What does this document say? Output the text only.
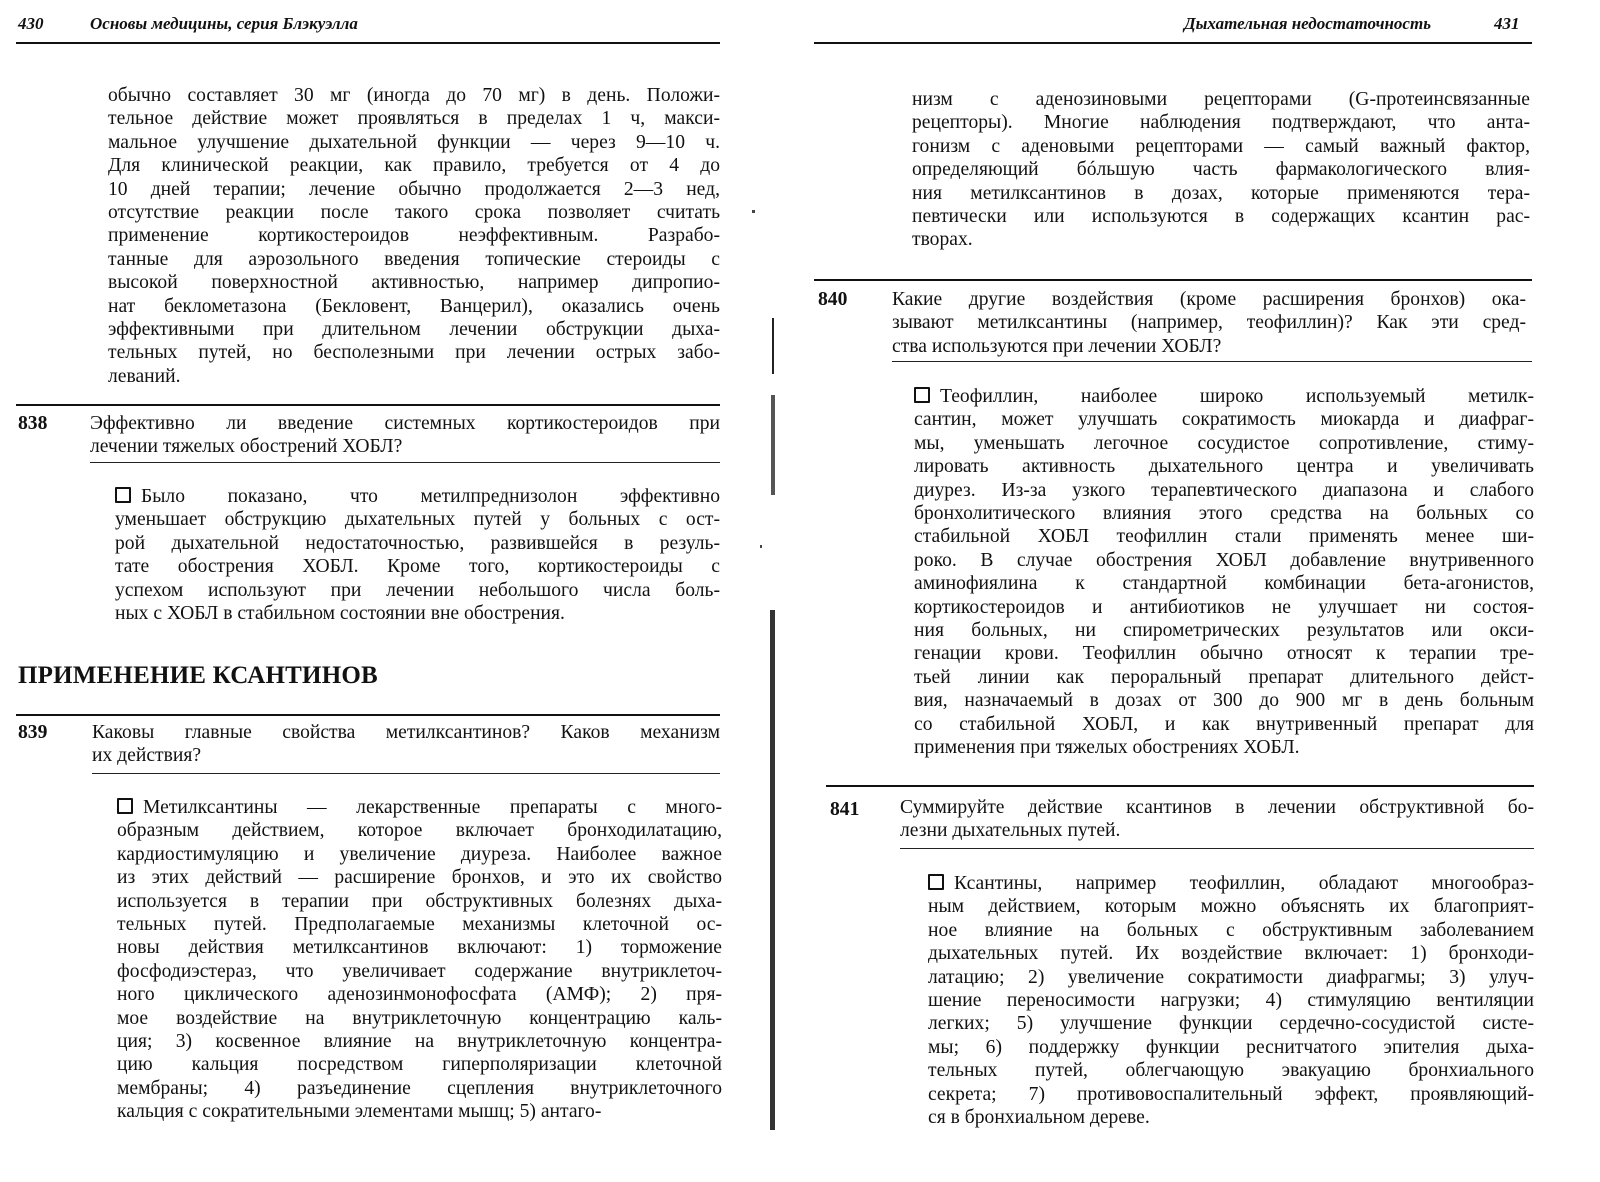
430	Основы медицины, серия Блэкуэлла
обычно составляет 30 мг (иногда до 70 мг) в день. Положи-
тельное действие может проявляться в пределах 1 ч, макси-
мальное улучшение дыхательной функции — через 9—10 ч.
Для клинической реакции, как правило, требуется от 4 до
10 дней терапии; лечение обычно продолжается 2—3 нед,
отсутствие реакции после такого срока позволяет считать
применение кортикостероидов неэффективным. Разрабо-
танные для аэрозольного введения топические стероиды с
высокой поверхностной активностью, например дипропио-
нат беклометазона (Бекловент, Ванцерил), оказались очень
эффективными при длительном лечении обструкции дыха-
тельных путей, но бесполезными при лечении острых забо-
леваний.
838 Эффективно ли введение системных кортикостероидов при
лечении тяжелых обострений ХОБЛ?
Было показано, что метилпреднизолон эффективно
уменьшает обструкцию дыхательных путей у больных с ост-
рой дыхательной недостаточностью, развившейся в резуль-
тате обострения ХОБЛ. Кроме того, кортикостероиды с
успехом используют при лечении небольшого числа боль-
ных с ХОБЛ в стабильном состоянии вне обострения.
ПРИМЕНЕНИЕ КСАНТИНОВ
839 Каковы главные свойства метилксантинов? Каков механизм
их действия?
Метилксантины — лекарственные препараты с много-
образным действием, которое включает бронходилатацию,
кардиостимуляцию и увеличение диуреза. Наиболее важное
из этих действий — расширение бронхов, и это их свойство
используется в терапии при обструктивных болезнях дыха-
тельных путей. Предполагаемые механизмы клеточной ос-
новы действия метилксантинов включают: 1) торможение
фосфодиэстераз, что увеличивает содержание внутриклеточ-
ного циклического аденозинмонофосфата (АМФ); 2) пря-
мое воздействие на внутриклеточную концентрацию каль-
ция; 3) косвенное влияние на внутриклеточную концентра-
цию кальция посредством гиперполяризации клеточной
мембраны; 4) разъединение сцепления внутриклеточного
кальция с сократительными элементами мышц; 5) антаго-
Дыхательная недостаточность	431
низм с аденозиновыми рецепторами (G-протеинсвязанные
рецепторы). Многие наблюдения подтверждают, что анта-
гонизм с аденовыми рецепторами — самый важный фактор,
определяющий бóльшую часть фармакологического влия-
ния метилксантинов в дозах, которые применяются тера-
певтически или используются в содержащих ксантин рас-
творах.
840 Какие другие воздействия (кроме расширения бронхов) ока-
зывают метилксантины (например, теофиллин)? Как эти сред-
ства используются при лечении ХОБЛ?
Теофиллин, наиболее широко используемый метилк-
сантин, может улучшать сократимость миокарда и диафраг-
мы, уменьшать легочное сосудистое сопротивление, стиму-
лировать активность дыхательного центра и увеличивать
диурез. Из-за узкого терапевтического диапазона и слабого
бронхолитического влияния этого средства на больных со
стабильной ХОБЛ теофиллин стали применять менее ши-
роко. В случае обострения ХОБЛ добавление внутривенного
аминофиялина к стандартной комбинации бета-агонистов,
кортикостероидов и антибиотиков не улучшает ни состоя-
ния больных, ни спирометрических результатов или окси-
генации крови. Теофиллин обычно относят к терапии тре-
тьей линии как пероральный препарат длительного дейст-
вия, назначаемый в дозах от 300 до 900 мг в день больным
со стабильной ХОБЛ, и как внутривенный препарат для
применения при тяжелых обострениях ХОБЛ.
841 Суммируйте действие ксантинов в лечении обструктивной бо-
лезни дыхательных путей.
Ксантины, например теофиллин, обладают многообраз-
ным действием, которым можно объяснять их благоприят-
ное влияние на больных с обструктивным заболеванием
дыхательных путей. Их воздействие включает: 1) бронходи-
латацию; 2) увеличение сократимости диафрагмы; 3) улуч-
шение переносимости нагрузки; 4) стимуляцию вентиляции
легких; 5) улучшение функции сердечно-сосудистой систе-
мы; 6) поддержку функции реснитчатого эпителия дыха-
тельных путей, облегчающую эвакуацию бронхиального
секрета; 7) противовоспалительный эффект, проявляющий-
ся в бронхиальном дереве.
